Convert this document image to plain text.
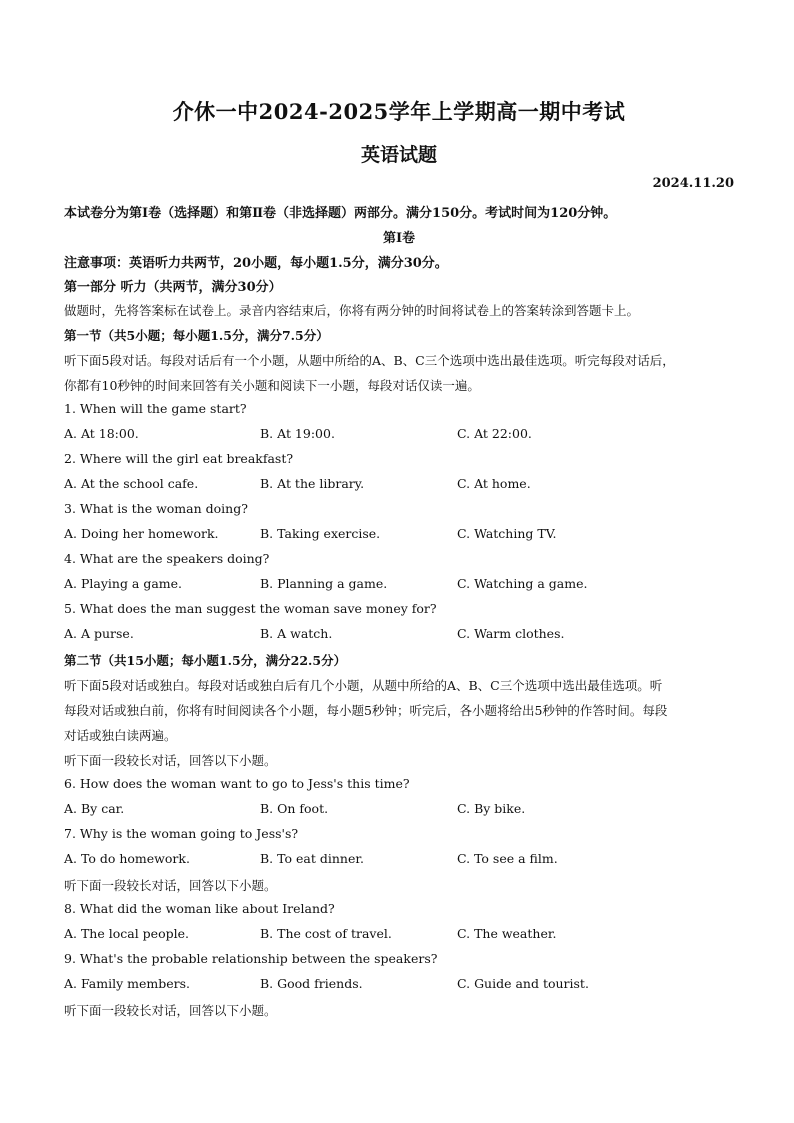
介休一中2024-2025学年上学期高一期中考试
英语试题
2024.11.20
本试卷分为第Ⅰ卷（选择题）和第Ⅱ卷（非选择题）两部分。满分150分。考试时间为120分钟。
第Ⅰ卷
注意事项：英语听力共两节，20小题，每小题1.5分，满分30分。
第一部分 听力（共两节，满分30分）
做题时，先将答案标在试卷上。录音内容结束后，你将有两分钟的时间将试卷上的答案转涂到答题卡上。
第一节（共5小题；每小题1.5分，满分7.5分）
听下面5段对话。每段对话后有一个小题，从题中所给的A、B、C三个选项中选出最佳选项。听完每段对话后，
你都有10秒钟的时间来回答有关小题和阅读下一小题，每段对话仅读一遍。
1. When will the game start?
A. At 18:00.	B. At 19:00.	C. At 22:00.
2. Where will the girl eat breakfast?
A. At the school cafe.	B. At the library.	C. At home.
3. What is the woman doing?
A. Doing her homework.	B. Taking exercise.	C. Watching TV.
4. What are the speakers doing?
A. Playing a game.	B. Planning a game.	C. Watching a game.
5. What does the man suggest the woman save money for?
A. A purse.	B. A watch.	C. Warm clothes.
第二节（共15小题；每小题1.5分，满分22.5分）
听下面5段对话或独白。每段对话或独白后有几个小题，从题中所给的A、B、C三个选项中选出最佳选项。听
每段对话或独白前，你将有时间阅读各个小题，每小题5秒钟；听完后，各小题将给出5秒钟的作答时间。每段
对话或独白读两遍。
听下面一段较长对话，回答以下小题。
6. How does the woman want to go to Jess's this time?
A. By car.	B. On foot.	C. By bike.
7. Why is the woman going to Jess's?
A. To do homework.	B. To eat dinner.	C. To see a film.
听下面一段较长对话，回答以下小题。
8. What did the woman like about Ireland?
A. The local people.	B. The cost of travel.	C. The weather.
9. What's the probable relationship between the speakers?
A. Family members.	B. Good friends.	C. Guide and tourist.
听下面一段较长对话，回答以下小题。
